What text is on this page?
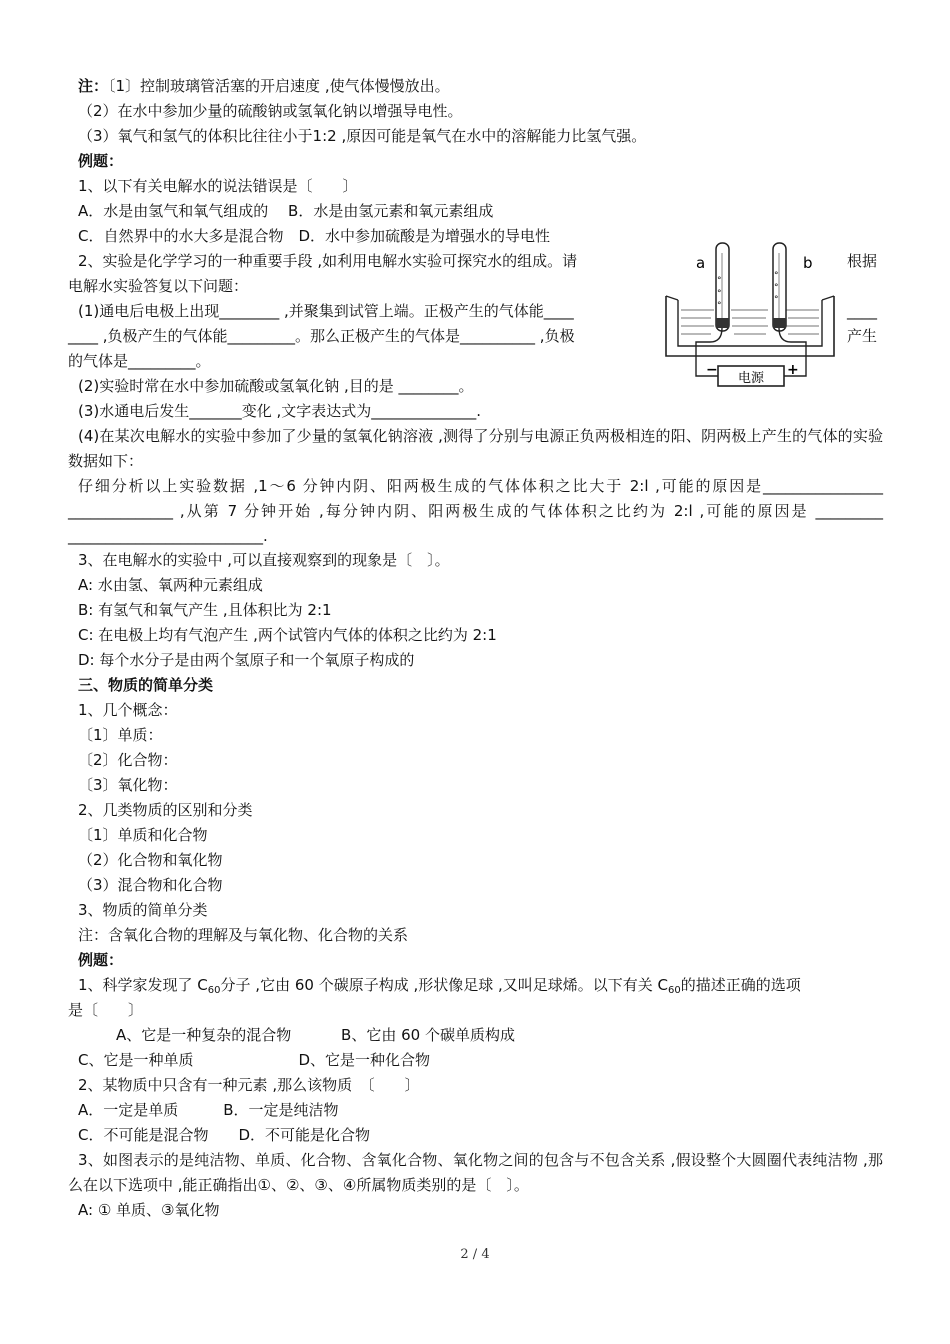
注：〔1〕控制玻璃管活塞的开启速度 ,使气体慢慢放出。
（2）在水中参加少量的硫酸钠或氢氧化钠以增强导电性。
（3）氧气和氢气的体积比往往小于1:2 ,原因可能是氧气在水中的溶解能力比氢气强。
例题：
1、以下有关电解水的说法错误是〔　　〕
A．水是由氢气和氧气组成的　 B．水是由氢元素和氧元素组成
C．自然界中的水大多是混合物　D．水中参加硫酸是为增强水的导电性
2、实验是化学学习的一种重要手段 ,如利用电解水实验可探究水的组成。请	根据
电解水实验答复以下问题：
(1)通电后电极上出现________ ,并聚集到试管上端。正极产生的气体能____	____
____ ,负极产生的气体能_________。那么正极产生的气体是__________ ,负极	产生
的气体是_________。
(2)实验时常在水中参加硫酸或氢氧化钠 ,目的是 ________。
(3)水通电后发生_______变化 ,文字表达式为______________.
(4)在某次电解水的实验中参加了少量的氢氧化钠溶液 ,测得了分别与电源正负两极相连的阳、阴两极上产生的气体的实验数据如下：
仔细分析以上实验数据 ,1～6 分钟内阴、阳两极生成的气体体积之比大于 2:l ,可能的原因是________________ ______________ ,从第 7 分钟开始 ,每分钟内阴、阳两极生成的气体体积之比约为 2:l ,可能的原因是 _________ __________________________.
3、在电解水的实验中 ,可以直接观察到的现象是〔　〕。
A: 水由氢、氧两种元素组成
B: 有氢气和氧气产生 ,且体积比为 2:1
C: 在电极上均有气泡产生 ,两个试管内气体的体积之比约为 2:1
D: 每个水分子是由两个氢原子和一个氧原子构成的
a	b
°
°
°
°
°
°
电源
−	+
三、物质的简单分类
1、几个概念：
〔1〕单质：
〔2〕化合物：
〔3〕氧化物：
2、几类物质的区别和分类
〔1〕单质和化合物
（2）化合物和氧化物
（3）混合物和化合物
3、物质的简单分类
注：含氧化合物的理解及与氧化物、化合物的关系
例题：
1、科学家发现了 $C_{60}$分子 ,它由 60 个碳原子构成 ,形状像足球 ,又叫足球烯。以下有关 $C_{60}$的描述正确的选项
是〔　　〕
A、它是一种复杂的混合物　　　 B、它由 60 个碳单质构成
C、它是一种单质　　　　　　　D、它是一种化合物
2、某物质中只含有一种元素 ,那么该物质　〔　　〕
A．一定是单质　　　B．一定是纯洁物
C．不可能是混合物　　D．不可能是化合物
3、如图表示的是纯洁物、单质、化合物、含氧化合物、氧化物之间的包含与不包含关系 ,假设整个大圆圈代表纯洁物 ,那么在以下选项中 ,能正确指出①、②、③、④所属物质类别的是〔　〕。
A: ① 单质、③氧化物
2 / 4
